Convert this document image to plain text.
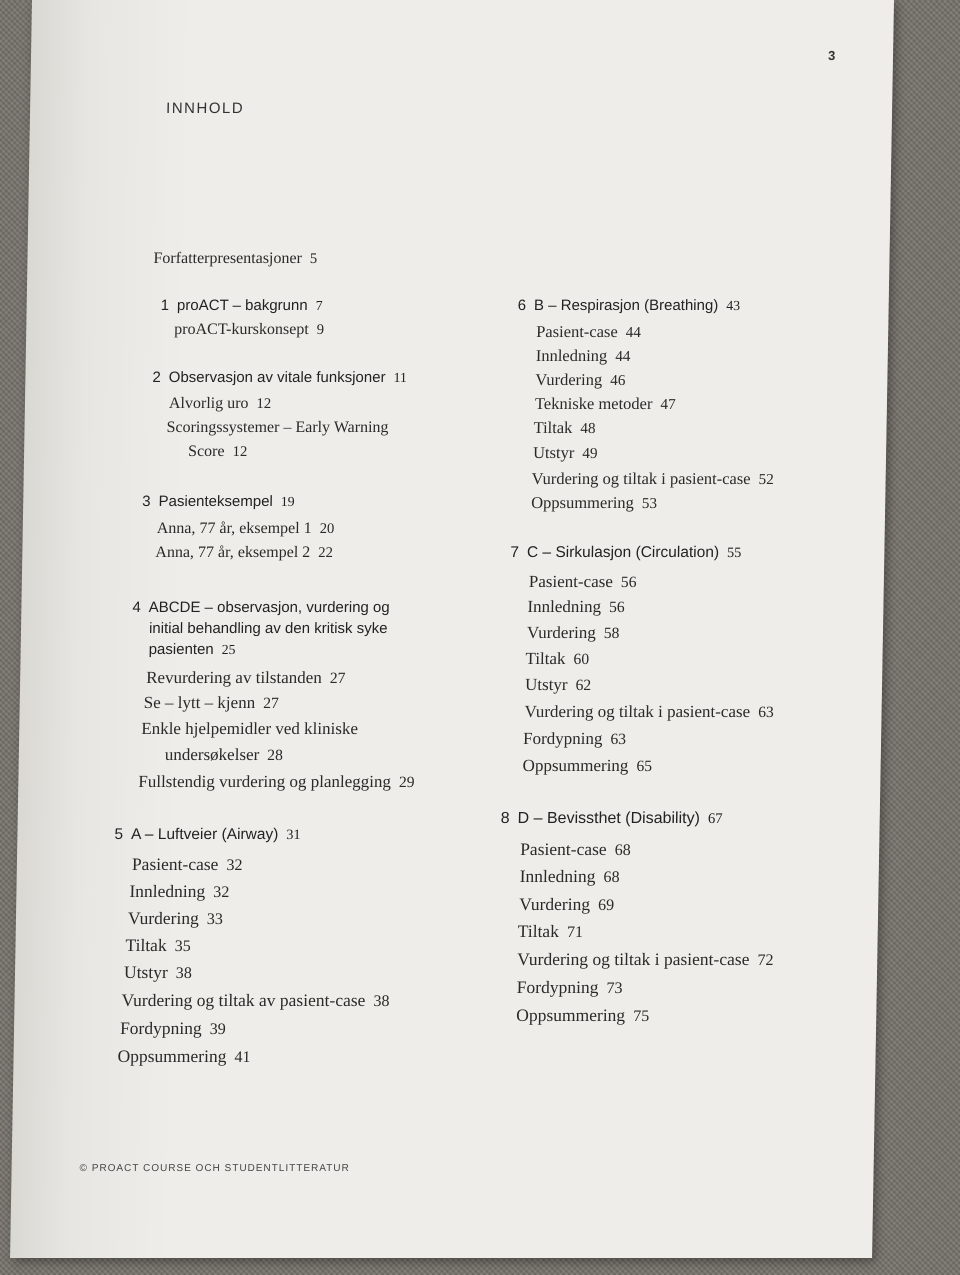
3
INNHOLD
Forfatterpresentasjoner 5
1 proACT – bakgrunn 7
proACT-kurskonsept 9
2 Observasjon av vitale funksjoner 11
Alvorlig uro 12
Scoringssystemer – Early Warning
Score 12
3 Pasienteksempel 19
Anna, 77 år, eksempel 1 20
Anna, 77 år, eksempel 2 22
4 ABCDE – observasjon, vurdering og
initial behandling av den kritisk syke
pasienten 25
Revurdering av tilstanden 27
Se – lytt – kjenn 27
Enkle hjelpemidler ved kliniske
undersøkelser 28
Fullstendig vurdering og planlegging 29
5 A – Luftveier (Airway) 31
Pasient-case 32
Innledning 32
Vurdering 33
Tiltak 35
Utstyr 38
Vurdering og tiltak av pasient-case 38
Fordypning 39
Oppsummering 41
6 B – Respirasjon (Breathing) 43
Pasient-case 44
Innledning 44
Vurdering 46
Tekniske metoder 47
Tiltak 48
Utstyr 49
Vurdering og tiltak i pasient-case 52
Oppsummering 53
7 C – Sirkulasjon (Circulation) 55
Pasient-case 56
Innledning 56
Vurdering 58
Tiltak 60
Utstyr 62
Vurdering og tiltak i pasient-case 63
Fordypning 63
Oppsummering 65
8 D – Bevissthet (Disability) 67
Pasient-case 68
Innledning 68
Vurdering 69
Tiltak 71
Vurdering og tiltak i pasient-case 72
Fordypning 73
Oppsummering 75
© PROACT COURSE OCH STUDENTLITTERATUR
